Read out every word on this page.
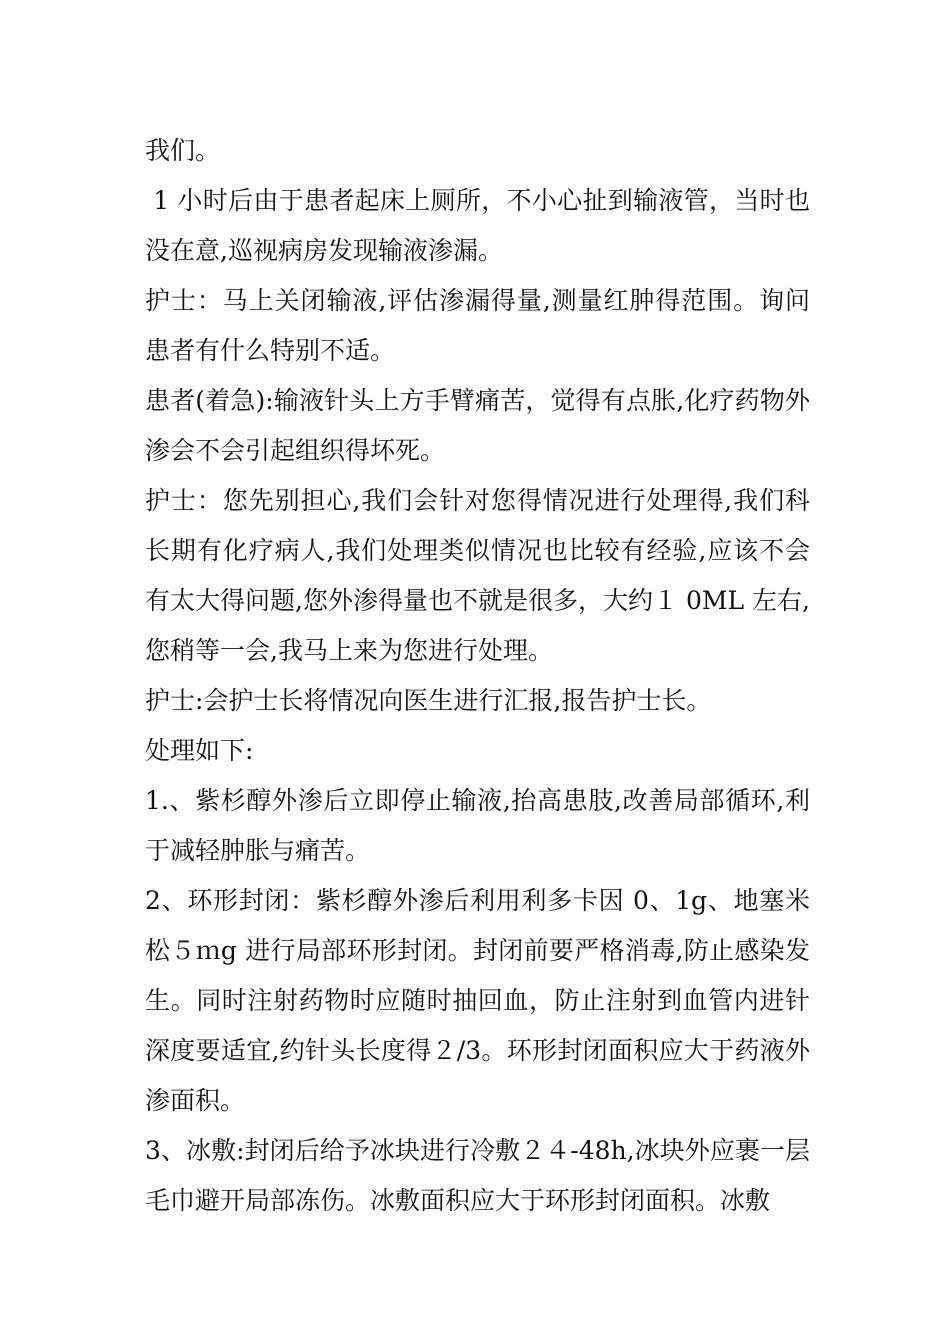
我们。

1 小时后由于患者起床上厕所，不小心扯到输液管，当时也没在意,巡视病房发现输液渗漏。

护士：马上关闭输液,评估渗漏得量,测量红肿得范围。询问患者有什么特别不适。

患者(着急):输液针头上方手臂痛苦，觉得有点胀,化疗药物外渗会不会引起组织得坏死。

护士：您先别担心,我们会针对您得情况进行处理得,我们科长期有化疗病人,我们处理类似情况也比较有经验,应该不会有太大得问题,您外渗得量也不就是很多，大约１ 0ML 左右,您稍等一会,我马上来为您进行处理。

护士:会护士长将情况向医生进行汇报,报告护士长。

处理如下:

1.、紫杉醇外渗后立即停止输液,抬高患肢,改善局部循环,利于减轻肿胀与痛苦。

2、环形封闭：紫杉醇外渗后利用利多卡因 0、1g、地塞米松５ｍg 进行局部环形封闭。封闭前要严格消毒,防止感染发生。同时注射药物时应随时抽回血，防止注射到血管内进针深度要适宜,约针头长度得２/3。环形封闭面积应大于药液外渗面积。

3、冰敷:封闭后给予冰块进行冷敷２４-48h,冰块外应裹一层毛巾避开局部冻伤。冰敷面积应大于环形封闭面积。冰敷
